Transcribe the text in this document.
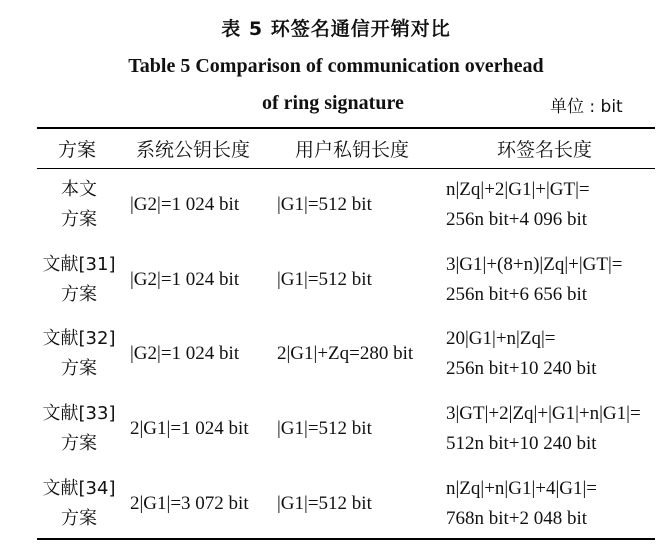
表 5 环签名通信开销对比
Table 5 Comparison of communication overhead
of ring signature	单位 : bit
方案 系统公钥长度 用户私钥长度	环签名长度
本文
方案
|G2|=1 024 bit |G1|=512 bit
n|Zq|+2|G1|+|GT|=
256n bit+4 096 bit
文献[31]
方案
|G2|=1 024 bit |G1|=512 bit
3|G1|+(8+n)|Zq|+|GT|=
256n bit+6 656 bit
文献[32]
方案
|G2|=1 024 bit 2|G1|+Zq=280 bit
20|G1|+n|Zq|=
256n bit+10 240 bit
文献[33]
方案
2|G1|=1 024 bit |G1|=512 bit
3|GT|+2|Zq|+|G1|+n|G1|=
512n bit+10 240 bit
文献[34]
方案
2|G1|=3 072 bit |G1|=512 bit
n|Zq|+n|G1|+4|G1|=
768n bit+2 048 bit
